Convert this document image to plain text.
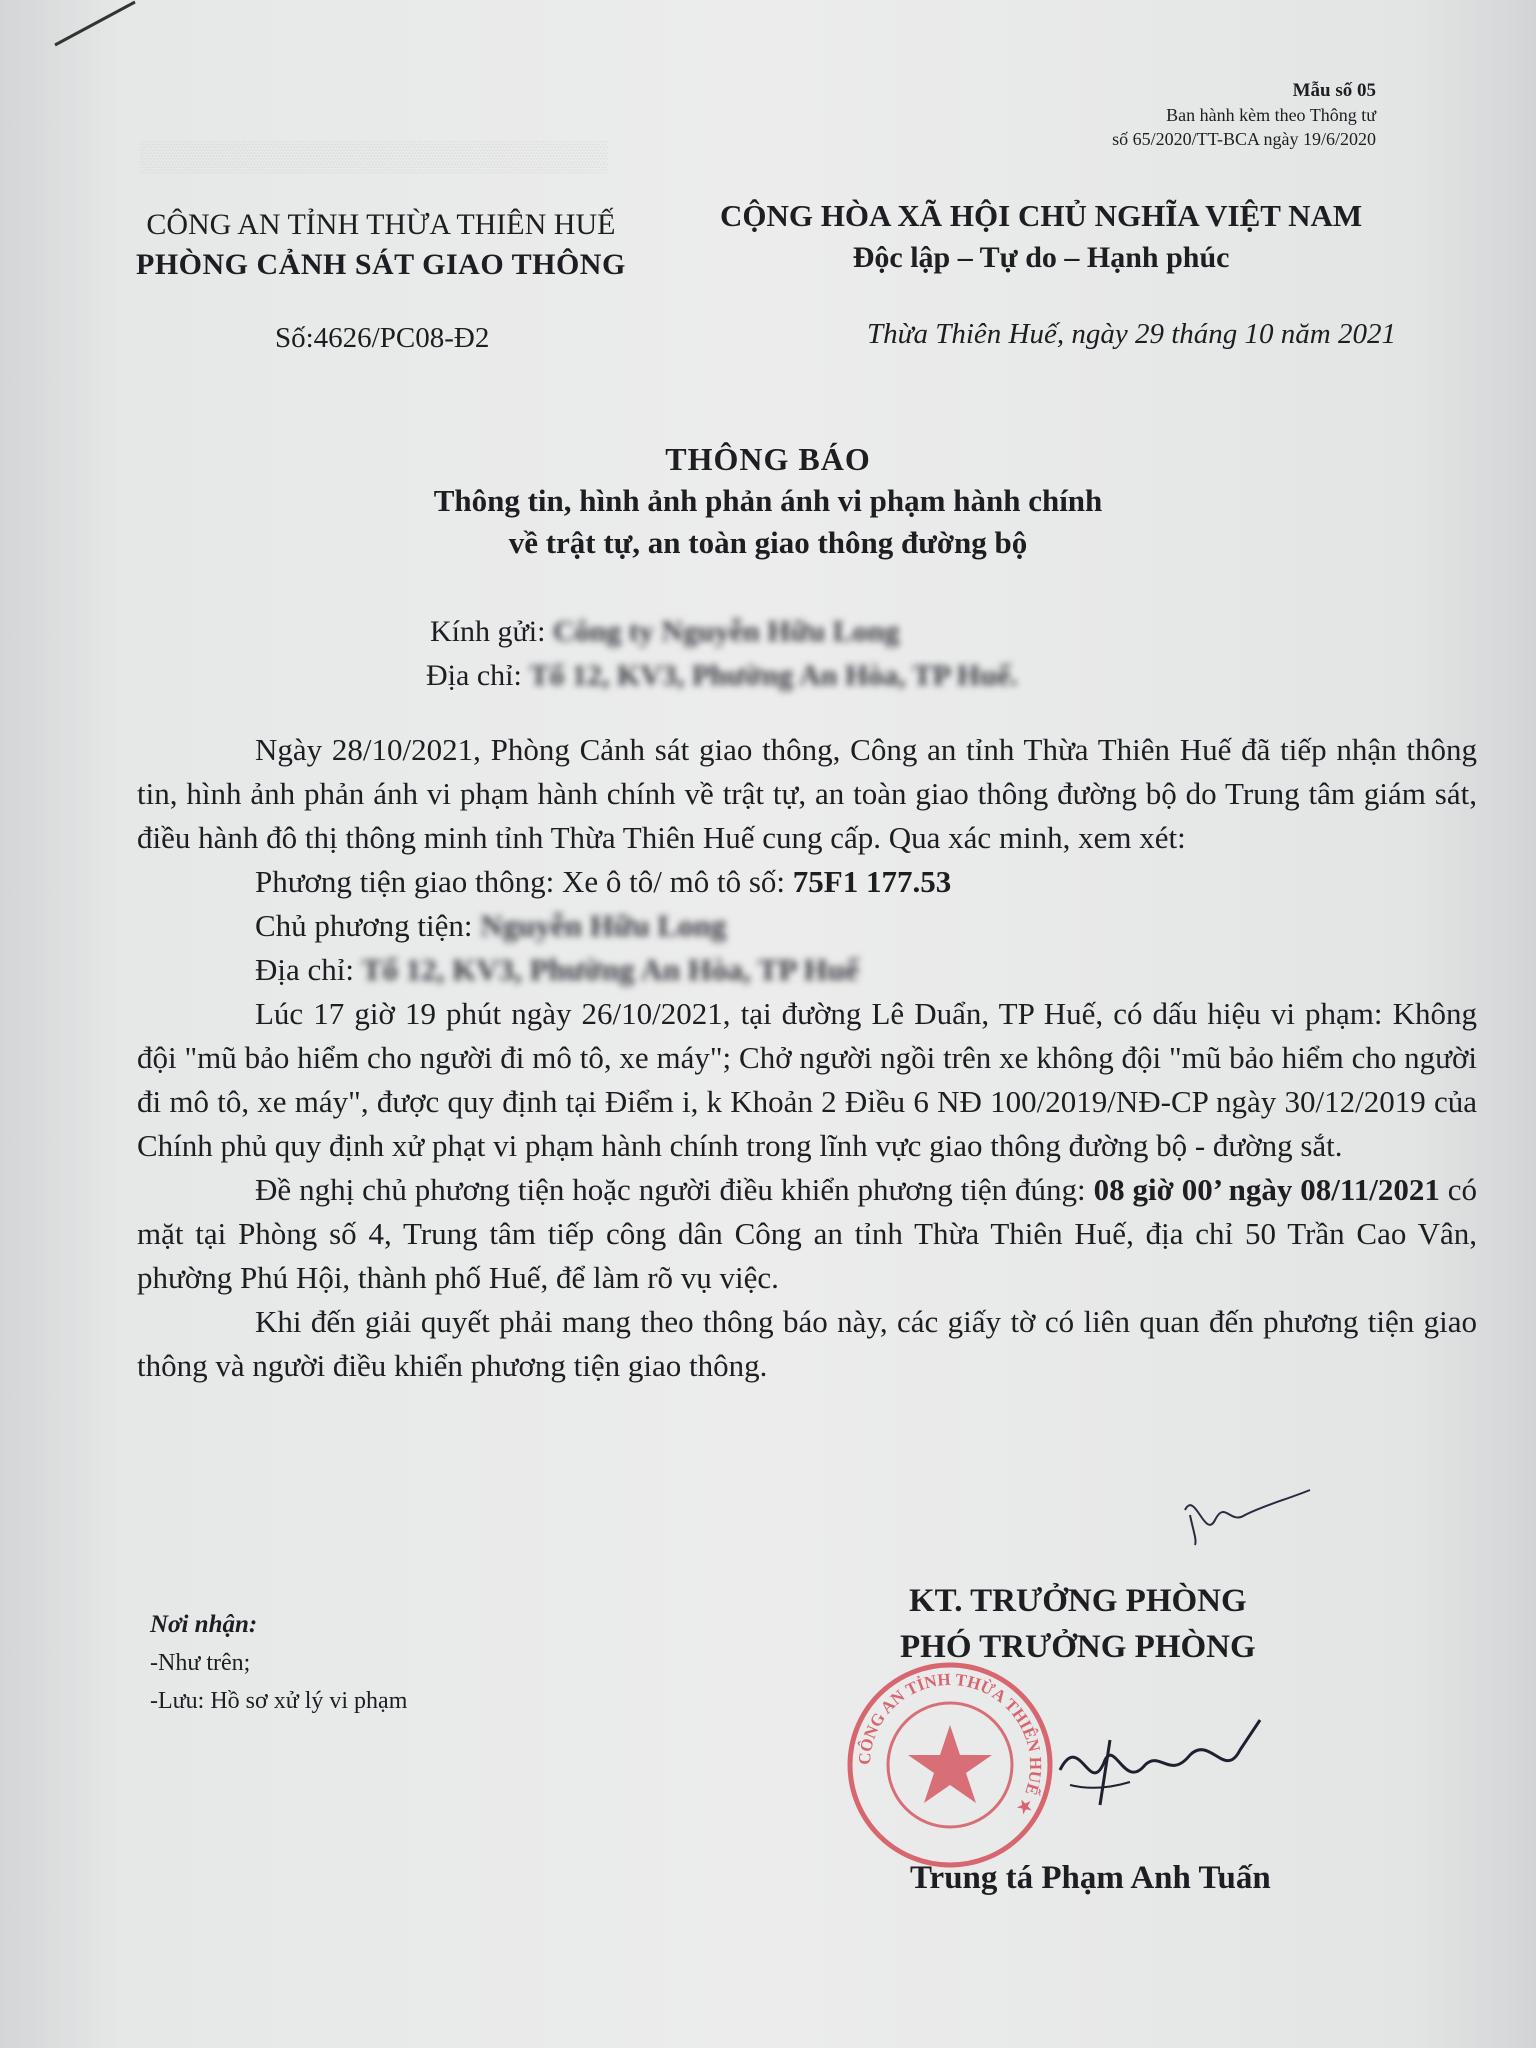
▒▒▒▒▒▒▒▒▒▒▒▒▒▒▒▒▒▒▒▒▒▒
Mẫu số 05
Ban hành kèm theo Thông tư
số 65/2020/TT-BCA ngày 19/6/2020
CÔNG AN TỈNH THỪA THIÊN HUẾ
PHÒNG CẢNH SÁT GIAO THÔNG
CỘNG HÒA XÃ HỘI CHỦ NGHĨA VIỆT NAM
Độc lập – Tự do – Hạnh phúc
Số:4626/PC08-Đ2	Thừa Thiên Huế, ngày 29 tháng 10 năm 2021
THÔNG BÁO
Thông tin, hình ảnh phản ánh vi phạm hành chính
về trật tự, an toàn giao thông đường bộ
Kính gửi: Công ty Nguyễn Hữu Long
Địa chỉ: Tổ 12, KV3, Phường An Hòa, TP Huế.

Ngày 28/10/2021, Phòng Cảnh sát giao thông, Công an tỉnh Thừa Thiên Huế đã tiếp nhận thông tin, hình ảnh phản ánh vi phạm hành chính về trật tự, an toàn giao thông đường bộ do Trung tâm giám sát, điều hành đô thị thông minh tỉnh Thừa Thiên Huế cung cấp. Qua xác minh, xem xét:

Phương tiện giao thông: Xe ô tô/ mô tô số: 75F1 177.53

Chủ phương tiện: Nguyễn Hữu Long

Địa chỉ: Tổ 12, KV3, Phường An Hòa, TP Huế

Lúc 17 giờ 19 phút ngày 26/10/2021, tại đường Lê Duẩn, TP Huế, có dấu hiệu vi phạm: Không đội "mũ bảo hiểm cho người đi mô tô, xe máy"; Chở người ngồi trên xe không đội "mũ bảo hiểm cho người đi mô tô, xe máy", được quy định tại Điểm i, k Khoản 2 Điều 6 NĐ 100/2019/NĐ-CP ngày 30/12/2019 của Chính phủ quy định xử phạt vi phạm hành chính trong lĩnh vực giao thông đường bộ - đường sắt.

Đề nghị chủ phương tiện hoặc người điều khiển phương tiện đúng: 08 giờ 00’ ngày 08/11/2021 có mặt tại Phòng số 4, Trung tâm tiếp công dân Công an tỉnh Thừa Thiên Huế, địa chỉ 50 Trần Cao Vân, phường Phú Hội, thành phố Huế, để làm rõ vụ việc.

Khi đến giải quyết phải mang theo thông báo này, các giấy tờ có liên quan đến phương tiện giao thông và người điều khiển phương tiện giao thông.

Nơi nhận:
-Như trên;
-Lưu: Hồ sơ xử lý vi phạm
KT. TRƯỞNG PHÒNG
PHÓ TRƯỞNG PHÒNG
CÔNG AN TỈNH THỪA THIÊN HUẾ ★
Trung tá Phạm Anh Tuấn
